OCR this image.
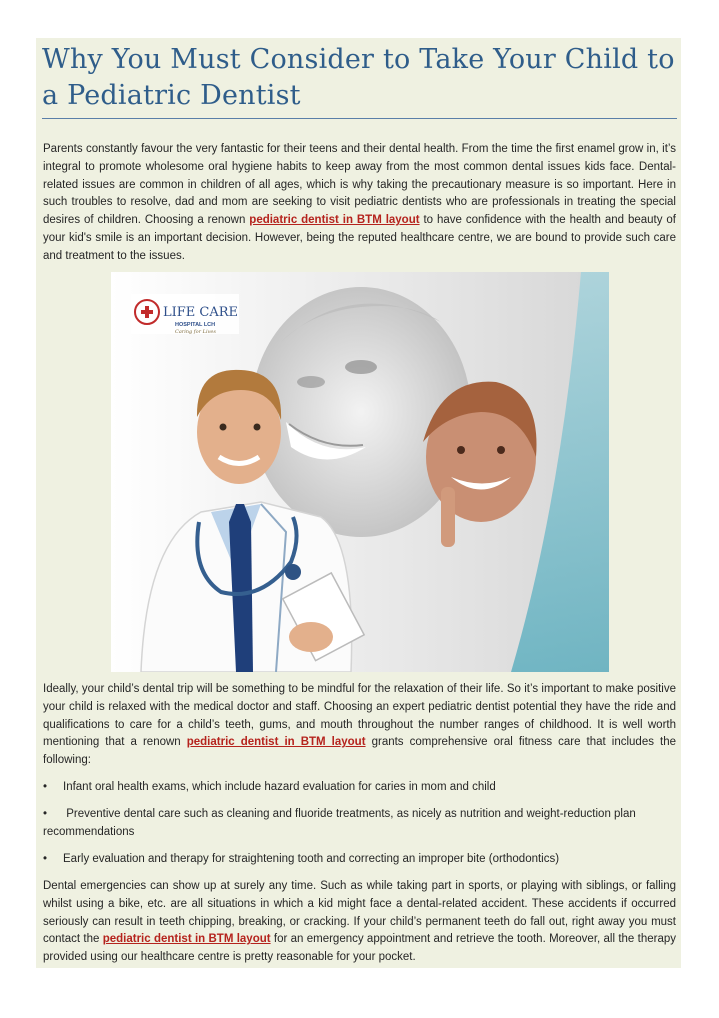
Why You Must Consider to Take Your Child to a Pediatric Dentist

Parents constantly favour the very fantastic for their teens and their dental health. From the time the first enamel grow in, it’s integral to promote wholesome oral hygiene habits to keep away from the most common dental issues kids face. Dental-related issues are common in children of all ages, which is why taking the precautionary measure is so important. Here in such troubles to resolve, dad and mom are seeking to visit pediatric dentists who are professionals in treating the special desires of children. Choosing a renown pediatric dentist in BTM layout to have confidence with the health and beauty of your kid's smile is an important decision. However, being the reputed healthcare centre, we are bound to provide such care and treatment to the issues.

LIFE CARE
HOSPITAL LCH
Caring for Lives

Ideally, your child’s dental trip will be something to be mindful for the relaxation of their life. So it’s important to make positive your child is relaxed with the medical doctor and staff. Choosing an expert pediatric dentist potential they have the ride and qualifications to care for a child’s teeth, gums, and mouth throughout the number ranges of childhood. It is well worth mentioning that a renown pediatric dentist in BTM layout grants comprehensive oral fitness care that includes the following:

• Infant oral health exams, which include hazard evaluation for caries in mom and child
• Preventive dental care such as cleaning and fluoride treatments, as nicely as nutrition and weight-reduction plan recommendations
• Early evaluation and therapy for straightening tooth and correcting an improper bite (orthodontics)

Dental emergencies can show up at surely any time. Such as while taking part in sports, or playing with siblings, or falling whilst using a bike, etc. are all situations in which a kid might face a dental-related accident. These accidents if occurred seriously can result in teeth chipping, breaking, or cracking. If your child’s permanent teeth do fall out, right away you must contact the pediatric dentist in BTM layout for an emergency appointment and retrieve the tooth. Moreover, all the therapy provided using our healthcare centre is pretty reasonable for your pocket.
